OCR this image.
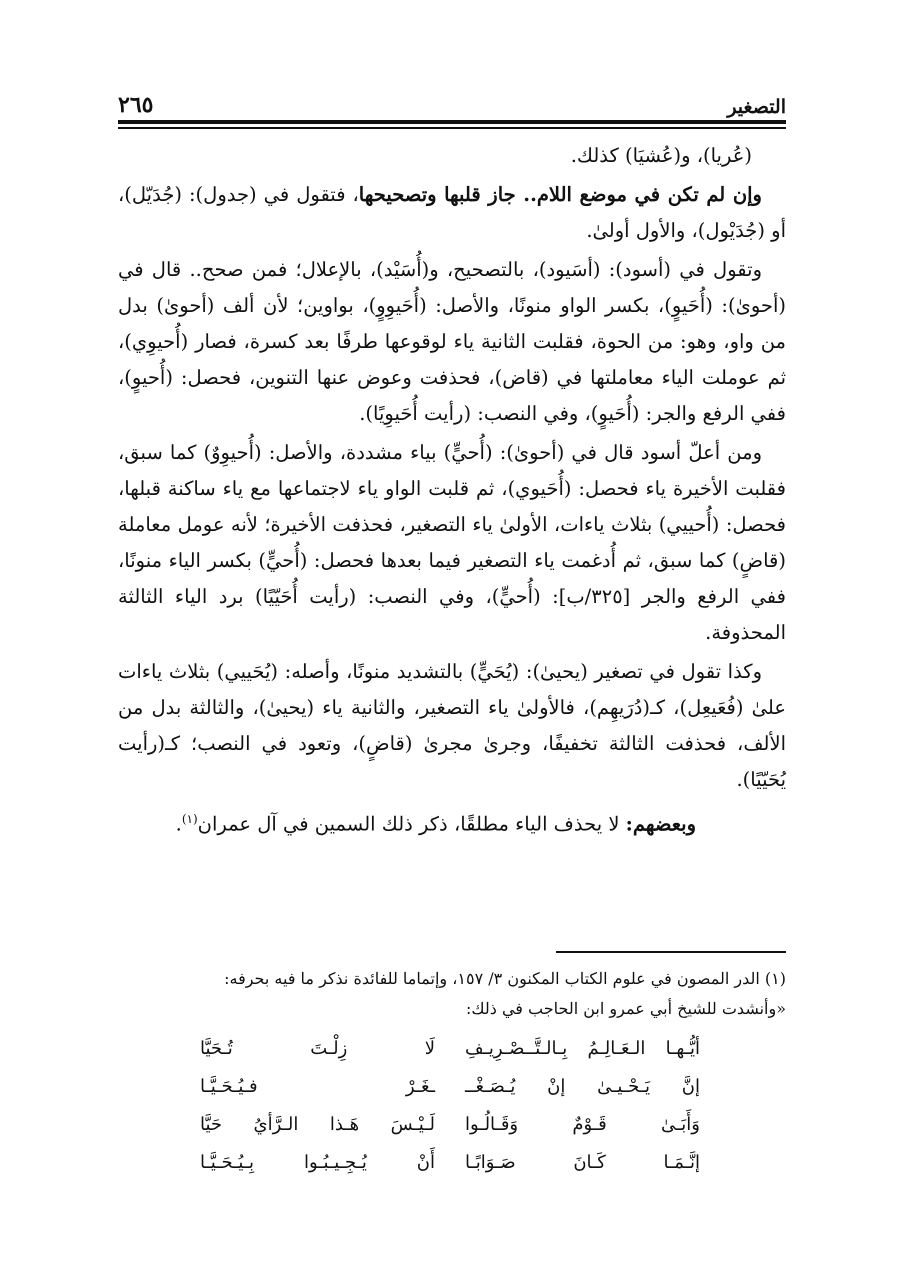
التصغير
٢٦٥

(عُريا)، و(عُشيَا) كذلك.

وإن لم تكن في موضع اللام.. جاز قلبها وتصحيحها، فتقول في (جدول): (جُدَيّل)، أو (جُدَيْول)، والأول أولىٰ.

وتقول في (أسود): (أسَيود)، بالتصحيح، و(أُسَيْد)، بالإعلال؛ فمن صحح.. قال في (أحوىٰ): (أُحَيوٍ)، بكسر الواو منونًا، والأصل: (أُحَيوِوٍ)، بواوين؛ لأن ألف (أحوىٰ) بدل من واو، وهو: من الحوة، فقلبت الثانية ياء لوقوعها طرفًا بعد كسرة، فصار (أُحيوِي)، ثم عوملت الياء معاملتها في (قاض)، فحذفت وعوض عنها التنوين، فحصل: (أُحيوٍ)، ففي الرفع والجر: (أُحَيوٍ)، وفي النصب: (رأيت أُحَيوِيًا).

ومن أعلّ أسود قال في (أحوىٰ): (أُحيٍّ) بياء مشددة، والأصل: (أُحيوِوٌ) كما سبق، فقلبت الأخيرة ياء فحصل: (أُحَيوي)، ثم قلبت الواو ياء لاجتماعها مع ياء ساكنة قبلها، فحصل: (أُحييي) بثلاث ياءات، الأولىٰ ياء التصغير، فحذفت الأخيرة؛ لأنه عومل معاملة (قاضٍ) كما سبق، ثم أُدغمت ياء التصغير فيما بعدها فحصل: (أُحيٍّ) بكسر الياء منونًا، ففي الرفع والجر [٣٢٥/ب]: (أُحيٍّ)، وفي النصب: (رأيت أُحَيّيًا) برد الياء الثالثة المحذوفة.

وكذا تقول في تصغير (يحيىٰ): (يُحَيٍّ) بالتشديد منونًا، وأصله: (يُحَييي) بثلاث ياءات علىٰ (فُعَيعِل)، كـ(دُرَيهِم)، فالأولىٰ ياء التصغير، والثانية ياء (يحيىٰ)، والثالثة بدل من الألف، فحذفت الثالثة تخفيفًا، وجرىٰ مجرىٰ (قاضٍ)، وتعود في النصب؛ كـ(رأيت يُحَيّيًا).

وبعضهم: لا يحذف الياء مطلقًا، ذكر ذلك السمين في آل عمران$^{(١)}$.

(١) الدر المصون في علوم الكتاب المكنون ٣/ ١٥٧، وإتماما للفائدة نذكر ما فيه بحرفه:
«وأنشدت للشيخ أبي عمرو ابن الحاجب في ذلك:
أيُّـهـا الـعَـالِـمُ بِـالـتَّــصْـرِيـفِ
لَا زِلْـتَ تُـحَيَّا
إنَّ يَـحْـيـىٰ إنْ يُـصَـغْــ
ـغَـرْ فـيُـحَـيَّـا
وَأَبَـىٰ قَـوْمٌ وَقَـالُـوا
لَـيْـسَ هَـذا الـرَّأيُ حَيَّا
إنَّـمَـا كَـانَ صَـوَابًـا
أَنْ يُـجِـيـبُـوا بِـيُـحَـيَّـا
